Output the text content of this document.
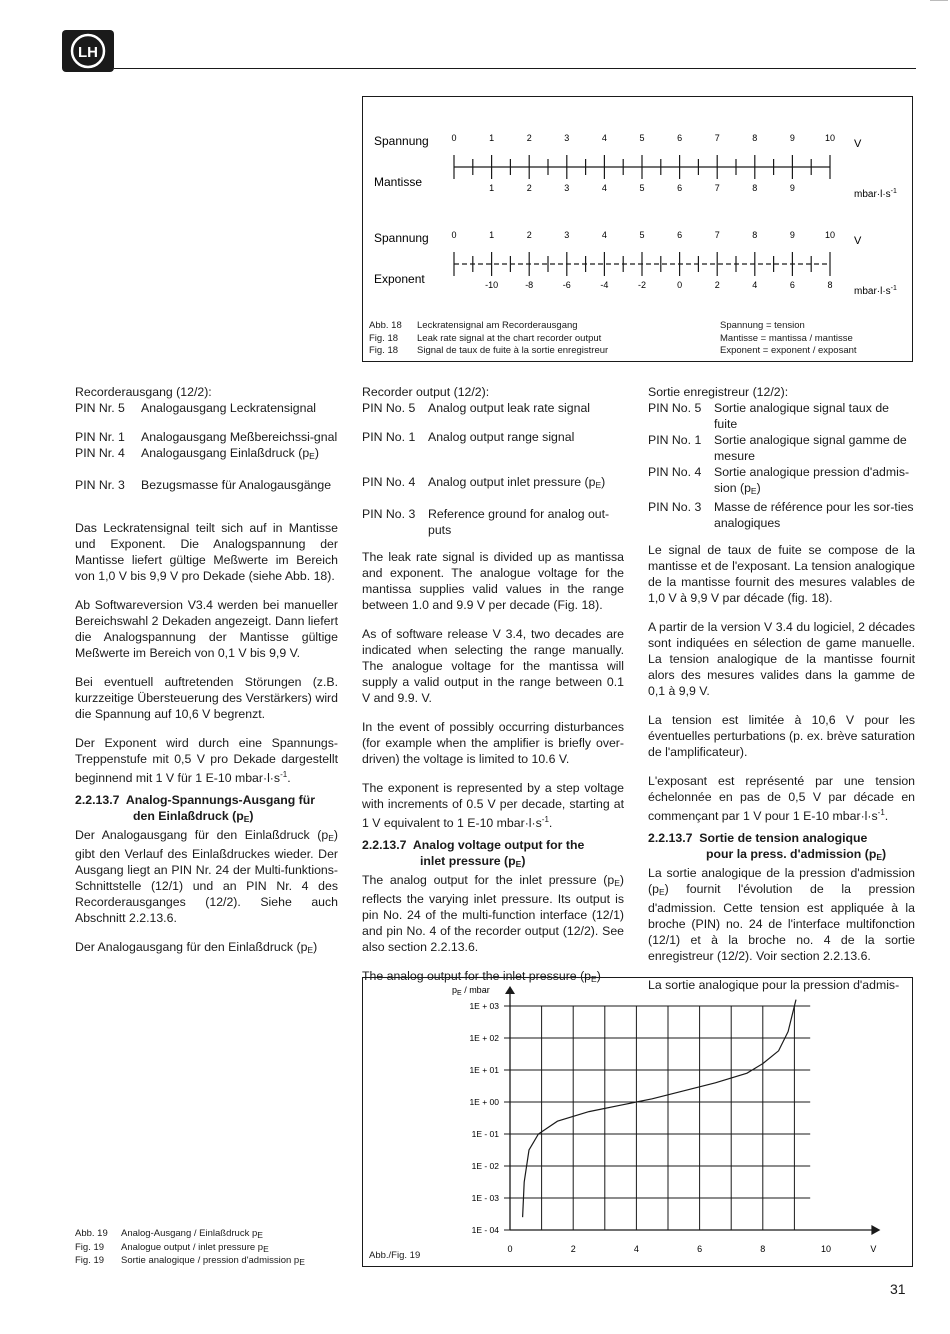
LH
Spannung
Mantisse
0	1	2	3	4	5	6	7	8	9	10
1	2	3	4	5	6	7	8	9
V
$mbar\cdot l\cdot s^{-1}$
Spannung
Exponent
0	1	2	3	4	5	6	7	8	9	10
-10	-8	-6	-4	-2	0	2	4	6	8
V
$mbar\cdot l\cdot s^{-1}$
Abb. 18 Leckratensignal am Recorderausgang
Fig. 18 Leak rate signal at the chart recorder output
Fig. 18 Signal de taux de fuite à la sortie enregistreur
Spannung = tension
Mantisse = mantissa / mantisse
Exponent = exponent / exposant
Recorderausgang (12/2):
PIN Nr. 5	Analogausgang Leckratensignal
PIN Nr. 1	Analogausgang Meßbereichssi-gnal
PIN Nr. 4	Analogausgang Einlaßdruck $(p_E)$
PIN Nr. 3	Bezugsmasse für Analogausgänge

Das Leckratensignal teilt sich auf in Mantisse und Exponent. Die Analogspannung der Mantisse liefert gültige Meßwerte im Bereich von 1,0 V bis 9,9 V pro Dekade (siehe Abb. 18).

Ab Softwareversion V3.4 werden bei manueller Bereichswahl 2 Dekaden angezeigt. Dann liefert die Analogspannung der Mantisse gültige Meßwerte im Bereich von 0,1 V bis 9,9 V.

Bei eventuell auftretenden Störungen (z.B. kurzzeitige Übersteuerung des Verstärkers) wird die Spannung auf 10,6 V begrenzt.

Der Exponent wird durch eine Spannungs-Treppenstufe mit 0,5 V pro Dekade dargestellt beginnend mit 1 V für 1 E-10 $mbar\cdot l\cdot s^{-1}$.

2.2.13.7 Analog-Spannungs-Ausgang für
den Einlaßdruck $(p_E)$

Der Analogausgang für den Einlaßdruck $(p_E)$ gibt den Verlauf des Einlaßdruckes wieder. Der Ausgang liegt an PIN Nr. 24 der Multi-funktions-Schnittstelle (12/1) und an PIN Nr. 4 des Recorderausganges (12/2). Siehe auch Abschnitt 2.2.13.6.

Der Analogausgang für den Einlaßdruck $(p_E)$

Recorder output (12/2):
PIN No. 5	Analog output leak rate signal
PIN No. 1	Analog output range signal
PIN No. 4	Analog output inlet pressure $(p_E)$
PIN No. 3	Reference ground for analog out-puts

The leak rate signal is divided up as mantissa and exponent. The analogue voltage for the mantissa supplies valid values in the range between 1.0 and 9.9 V per decade (Fig. 18).

As of software release V 3.4, two decades are indicated when selecting the range manually. The analogue voltage for the mantissa will supply a valid output in the range between 0.1 V and 9.9. V.

In the event of possibly occurring disturbances (for example when the amplifier is briefly over-driven) the voltage is limited to 10.6 V.

The exponent is represented by a step voltage with increments of 0.5 V per decade, starting at 1 V equivalent to 1 E-10 $mbar\cdot l\cdot s^{-1}$.

2.2.13.7 Analog voltage output for the
inlet pressure $(p_E)$

The analog output for the inlet pressure $(p_E)$ reflects the varying inlet pressure. Its output is pin No. 24 of the multi-function interface (12/1) and pin No. 4 of the recorder output (12/2). See also section 2.2.13.6.

The analog output for the inlet pressure $(p_E)$

Sortie enregistreur (12/2):
PIN No. 5	Sortie analogique signal taux de fuite
PIN No. 1	Sortie analogique signal gamme de mesure
PIN No. 4	Sortie analogique pression d'admis-sion $(p_E)$
PIN No. 3	Masse de référence pour les sor-ties analogiques

Le signal de taux de fuite se compose de la mantisse et de l'exposant. La tension analogique de la mantisse fournit des mesures valables de 1,0 V à 9,9 V par décade (fig. 18).

A partir de la version V 3.4 du logiciel, 2 décades sont indiquées en sélection de game manuelle. La tension analogique de la mantisse fournit alors des mesures valides dans la gamme de 0,1 à 9,9 V.

La tension est limitée à 10,6 V pour les éventuelles perturbations (p. ex. brève saturation de l'amplificateur).

L'exposant est représenté par une tension échelonnée en pas de 0,5 V par décade en commençant par 1 V pour 1 E-10 $mbar\cdot l\cdot s^{-1}$.

2.2.13.7 Sortie de tension analogique
pour la press. d'admission $(p_E)$

La sortie analogique de la pression d'admission $(p_E)$ fournit l'évolution de la pression d'admission. Cette tension est appliquée à la broche (PIN) no. 24 de l'interface multifonction (12/1) et à la broche no. 4 de la sortie enregistreur (12/2). Voir section 2.2.13.6.

La sortie analogique pour la pression d'admis-

Abb. 19 Analog-Ausgang / Einlaßdruck $p_E$
Fig. 19 Analogue output / inlet pressure $p_E$
Fig. 19 Sortie analogique / pression d'admission $p_E$
1E + 03
1E + 02
1E + 01
1E + 00
1E - 01
1E - 02
1E - 03
1E - 04
$p_E$ / mbar
0	2	4	6	8	10	V
Abb./Fig. 19
31
